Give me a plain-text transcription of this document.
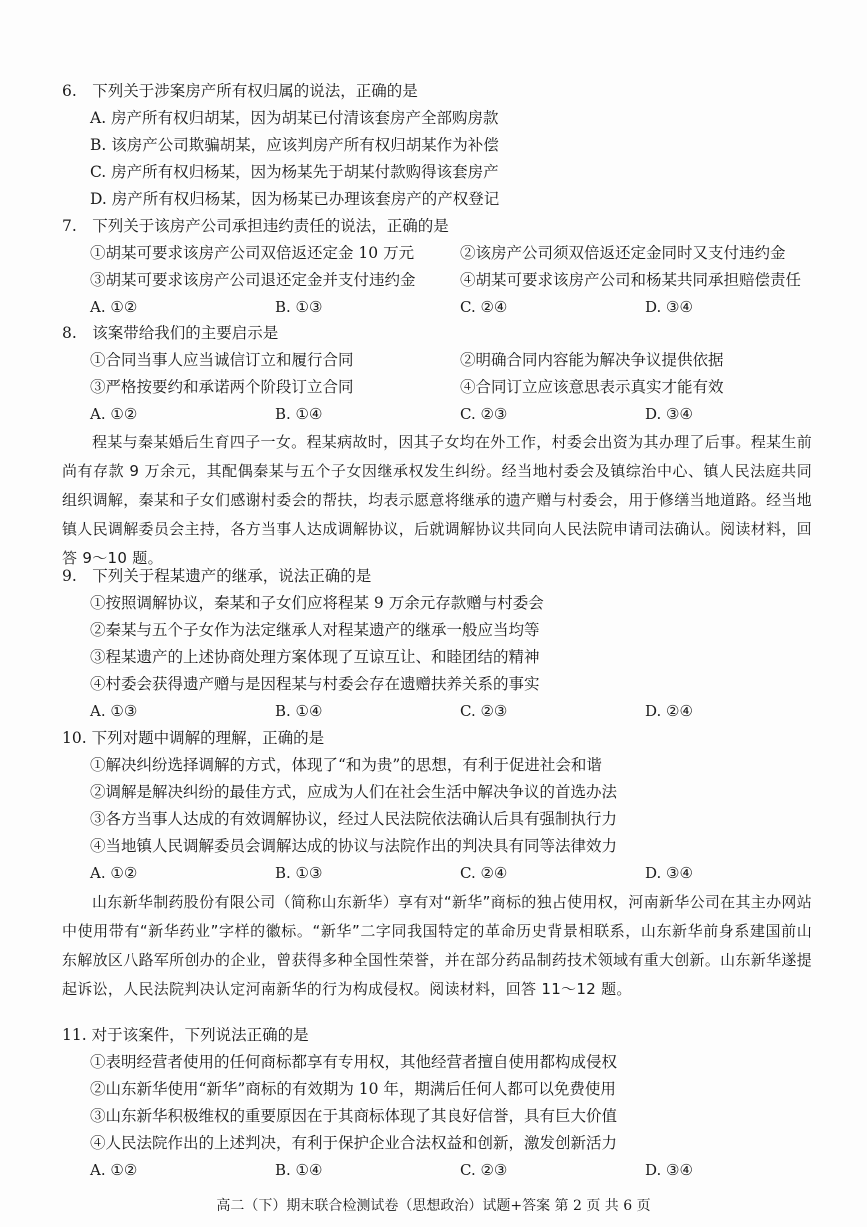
6.　下列关于涉案房产所有权归属的说法，正确的是
A. 房产所有权归胡某，因为胡某已付清该套房产全部购房款
B. 该房产公司欺骗胡某，应该判房产所有权归胡某作为补偿
C. 房产所有权归杨某，因为杨某先于胡某付款购得该套房产
D. 房产所有权归杨某，因为杨某已办理该套房产的产权登记
7.　下列关于该房产公司承担违约责任的说法，正确的是
①胡某可要求该房产公司双倍返还定金 10 万元	②该房产公司须双倍返还定金同时又支付违约金
③胡某可要求该房产公司退还定金并支付违约金	④胡某可要求该房产公司和杨某共同承担赔偿责任
A. ①②	B. ①③	C. ②④	D. ③④
8.　该案带给我们的主要启示是
①合同当事人应当诚信订立和履行合同	②明确合同内容能为解决争议提供依据
③严格按要约和承诺两个阶段订立合同	④合同订立应该意思表示真实才能有效
A. ①②	B. ①④	C. ②③	D. ③④
程某与秦某婚后生育四子一女。程某病故时，因其子女均在外工作，村委会出资为其办理了后事。程某生前尚有存款 9 万余元，其配偶秦某与五个子女因继承权发生纠纷。经当地村委会及镇综治中心、镇人民法庭共同组织调解，秦某和子女们感谢村委会的帮扶，均表示愿意将继承的遗产赠与村委会，用于修缮当地道路。经当地镇人民调解委员会主持，各方当事人达成调解协议，后就调解协议共同向人民法院申请司法确认。阅读材料，回答 9～10 题。
9.　下列关于程某遗产的继承，说法正确的是
①按照调解协议，秦某和子女们应将程某 9 万余元存款赠与村委会
②秦某与五个子女作为法定继承人对程某遗产的继承一般应当均等
③程某遗产的上述协商处理方案体现了互谅互让、和睦团结的精神
④村委会获得遗产赠与是因程某与村委会存在遗赠扶养关系的事实
A. ①③	B. ①④	C. ②③	D. ②④
10. 下列对题中调解的理解，正确的是
①解决纠纷选择调解的方式，体现了“和为贵”的思想，有利于促进社会和谐
②调解是解决纠纷的最佳方式，应成为人们在社会生活中解决争议的首选办法
③各方当事人达成的有效调解协议，经过人民法院依法确认后具有强制执行力
④当地镇人民调解委员会调解达成的协议与法院作出的判决具有同等法律效力
A. ①②	B. ①③	C. ②④	D. ③④
山东新华制药股份有限公司（简称山东新华）享有对“新华”商标的独占使用权，河南新华公司在其主办网站中使用带有“新华药业”字样的徽标。“新华”二字同我国特定的革命历史背景相联系，山东新华前身系建国前山东解放区八路军所创办的企业，曾获得多种全国性荣誉，并在部分药品制药技术领域有重大创新。山东新华遂提起诉讼，人民法院判决认定河南新华的行为构成侵权。阅读材料，回答 11～12 题。
11. 对于该案件，下列说法正确的是
①表明经营者使用的任何商标都享有专用权，其他经营者擅自使用都构成侵权
②山东新华使用“新华”商标的有效期为 10 年，期满后任何人都可以免费使用
③山东新华积极维权的重要原因在于其商标体现了其良好信誉，具有巨大价值
④人民法院作出的上述判决，有利于保护企业合法权益和创新，激发创新活力
A. ①②	B. ①④	C. ②③	D. ③④
高二（下）期末联合检测试卷（思想政治）试题+答案 第 2 页 共 6 页
